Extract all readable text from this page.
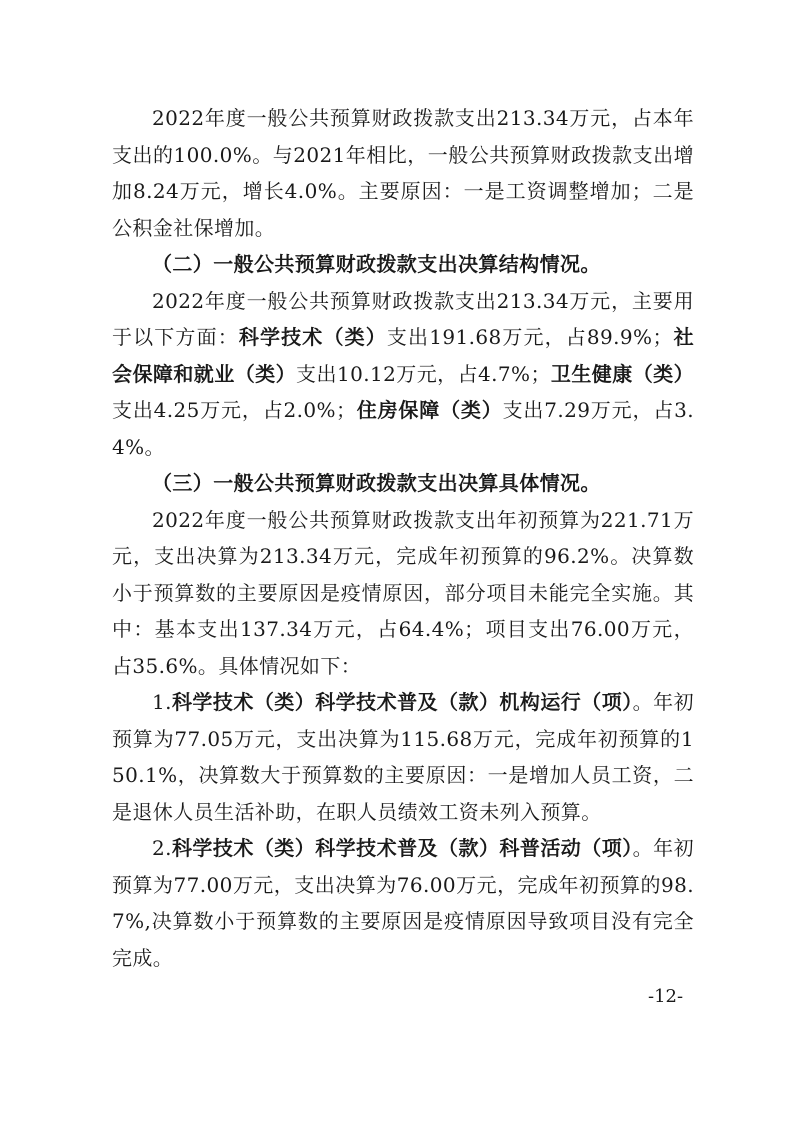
2022年度一般公共预算财政拨款支出213.34万元，占本年支出的100.0%。与2021年相比，一般公共预算财政拨款支出增加8.24万元，增长4.0%。主要原因：一是工资调整增加；二是公积金社保增加。

（二）一般公共预算财政拨款支出决算结构情况。

2022年度一般公共预算财政拨款支出213.34万元，主要用于以下方面：科学技术（类）支出191.68万元，占89.9%；社会保障和就业（类）支出10.12万元，占4.7%；卫生健康（类）支出4.25万元，占2.0%；住房保障（类）支出7.29万元，占3.4%。

（三）一般公共预算财政拨款支出决算具体情况。

2022年度一般公共预算财政拨款支出年初预算为221.71万元，支出决算为213.34万元，完成年初预算的96.2%。决算数小于预算数的主要原因是疫情原因，部分项目未能完全实施。其中：基本支出137.34万元，占64.4%；项目支出76.00万元，占35.6%。具体情况如下：

1.科学技术（类）科学技术普及（款）机构运行（项）。年初预算为77.05万元，支出决算为115.68万元，完成年初预算的150.1%，决算数大于预算数的主要原因：一是增加人员工资，二是退休人员生活补助，在职人员绩效工资未列入预算。

2.科学技术（类）科学技术普及（款）科普活动（项）。年初预算为77.00万元，支出决算为76.00万元，完成年初预算的98.7%,决算数小于预算数的主要原因是疫情原因导致项目没有完全完成。

-12-
